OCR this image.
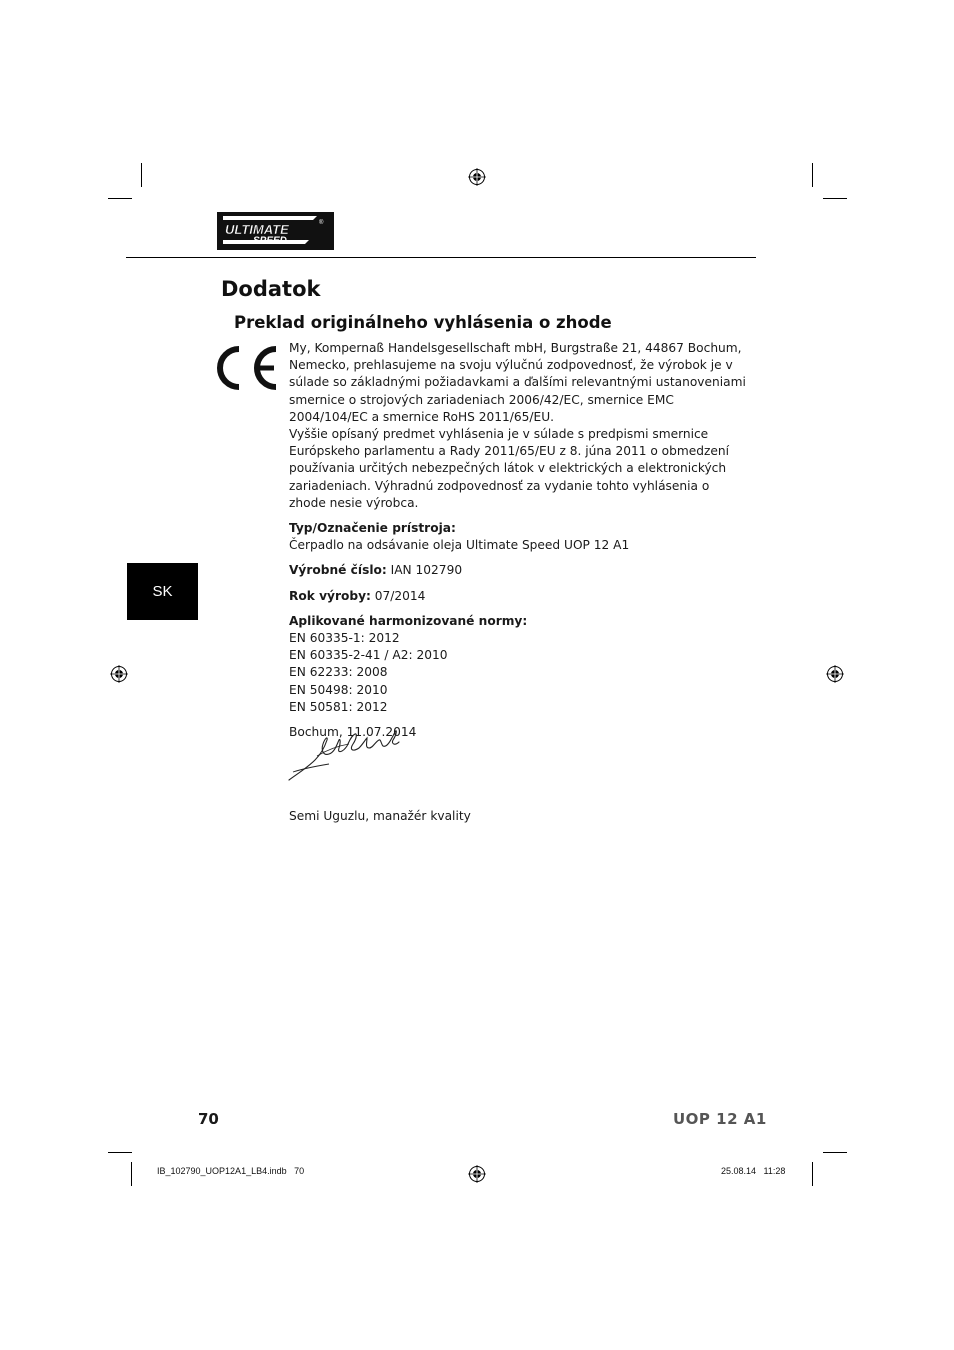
ULTIMATE
SPEED
®
Dodatok
Preklad originálneho vyhlásenia o zhode

My, Kompernaß Handelsgesellschaft mbH, Burgstraße 21, 44867 Bochum, Nemecko, prehlasujeme na svoju výlučnú zodpovednosť, že výrobok je v súlade so základnými požiadavkami a ďalšími relevantnými ustanoveniami smernice o strojových zariadeniach 2006/42/EC, smernice EMC 2004/104/EC a smernice RoHS 2011/65/EU.

Vyššie opísaný predmet vyhlásenia je v súlade s predpismi smernice Európskeho parlamentu a Rady 2011/65/EU z 8. júna 2011 o obmedzení používania určitých nebezpečných látok v elektrických a elektronických zariadeniach. Výhradnú zodpovednosť za vydanie tohto vyhlásenia o zhode nesie výrobca.

Typ/Označenie prístroja:

Čerpadlo na odsávanie oleja Ultimate Speed UOP 12 A1

Výrobné číslo: IAN 102790

Rok výroby: 07/2014

Aplikované harmonizované normy:

EN 60335-1: 2012

EN 60335-2-41 / A2: 2010

EN 62233: 2008

EN 50498: 2010

EN 50581: 2012

Bochum, 11.07.2014

Semi Uguzlu, manažér kvality

SK
70	UOP 12 A1
IB_102790_UOP12A1_LB4.indb   70	25.08.14   11:28
